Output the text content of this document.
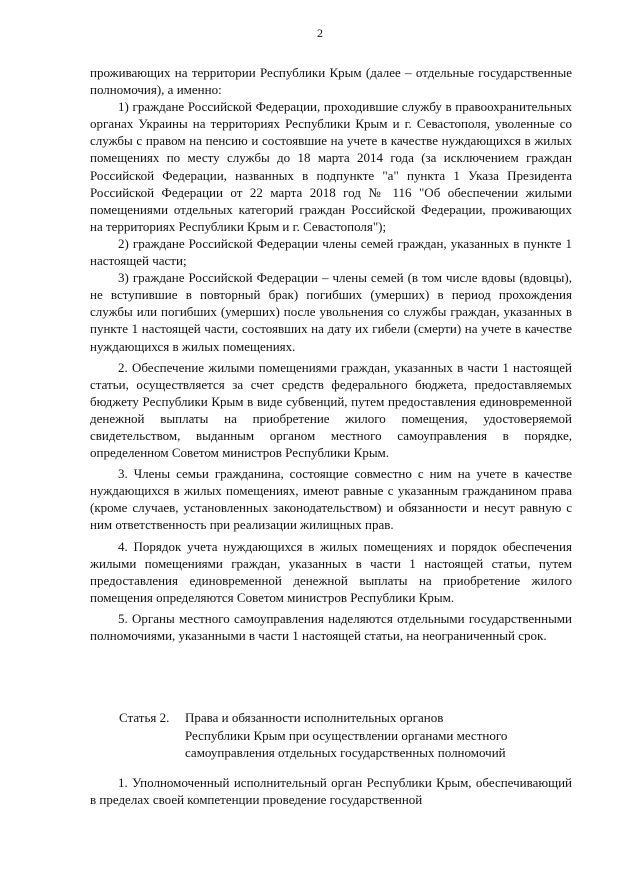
2

проживающих на территории Республики Крым (далее – отдельные государственные полномочия), а именно:

1) граждане Российской Федерации, проходившие службу в правоохранительных органах Украины на территориях Республики Крым и г. Севастополя, уволенные со службы с правом на пенсию и состоявшие на учете в качестве нуждающихся в жилых помещениях по месту службы до 18 марта 2014 года (за исключением граждан Российской Федерации, названных в подпункте "а" пункта 1 Указа Президента Российской Федерации от 22 марта 2018 год № 116 "Об обеспечении жилыми помещениями отдельных категорий граждан Российской Федерации, проживающих на территориях Республики Крым и г. Севастополя");

2) граждане Российской Федерации члены семей граждан, указанных в пункте 1 настоящей части;

3) граждане Российской Федерации – члены семей (в том числе вдовы (вдовцы), не вступившие в повторный брак) погибших (умерших) в период прохождения службы или погибших (умерших) после увольнения со службы граждан, указанных в пункте 1 настоящей части, состоявших на дату их гибели (смерти) на учете в качестве нуждающихся в жилых помещениях.

2. Обеспечение жилыми помещениями граждан, указанных в части 1 настоящей статьи, осуществляется за счет средств федерального бюджета, предоставляемых бюджету Республики Крым в виде субвенций, путем предоставления единовременной денежной выплаты на приобретение жилого помещения, удостоверяемой свидетельством, выданным органом местного самоуправления в порядке, определенном Советом министров Республики Крым.

3. Члены семьи гражданина, состоящие совместно с ним на учете в качестве нуждающихся в жилых помещениях, имеют равные с указанным гражданином права (кроме случаев, установленных законодательством) и обязанности и несут равную с ним ответственность при реализации жилищных прав.

4. Порядок учета нуждающихся в жилых помещениях и порядок обеспечения жилыми помещениями граждан, указанных в части 1 настоящей статьи, путем предоставления единовременной денежной выплаты на приобретение жилого помещения определяются Советом министров Республики Крым.

5. Органы местного самоуправления наделяются отдельными государственными полномочиями, указанными в части 1 настоящей статьи, на неограниченный срок.

Статья 2. Права и обязанности исполнительных органов
Республики Крым при осуществлении органами местного
самоуправления отдельных государственных полномочий

1. Уполномоченный исполнительный орган Республики Крым, обеспечивающий в пределах своей компетенции проведение государственной
